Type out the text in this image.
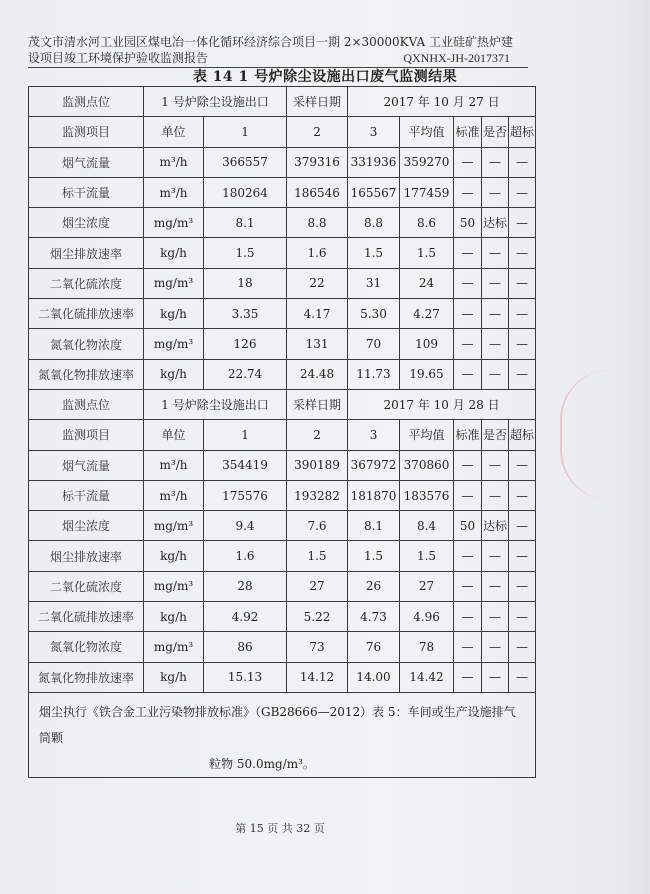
茂文市清水河工业园区煤电冶一体化循环经济综合项目一期 2×30000KVA 工业硅矿热炉建
设项目竣工环境保护验收监测报告	QXNHX-JH-2017371
表 14 1 号炉除尘设施出口废气监测结果
监测点位	1 号炉除尘设施出口		采样日期	2017 年 10 月 27 日				
监测项目	单位	1	2	3	平均值	标准	是否	超标
烟气流量	m³/h	366557	379316	331936	359270	—	—	—
标干流量	m³/h	180264	186546	165567	177459	—	—	—
烟尘浓度	mg/m³	8.1	8.8	8.8	8.6	50	达标	—
烟尘排放速率	kg/h	1.5	1.6	1.5	1.5	—	—	—
二氧化硫浓度	mg/m³	18	22	31	24	—	—	—
二氧化硫排放速率	kg/h	3.35	4.17	5.30	4.27	—	—	—
氮氧化物浓度	mg/m³	126	131	70	109	—	—	—
氮氧化物排放速率	kg/h	22.74	24.48	11.73	19.65	—	—	—
监测点位	1 号炉除尘设施出口		采样日期	2017 年 10 月 28 日				
监测项目	单位	1	2	3	平均值	标准	是否	超标
烟气流量	m³/h	354419	390189	367972	370860	—	—	—
标干流量	m³/h	175576	193282	181870	183576	—	—	—
烟尘浓度	mg/m³	9.4	7.6	8.1	8.4	50	达标	—
烟尘排放速率	kg/h	1.6	1.5	1.5	1.5	—	—	—
二氧化硫浓度	mg/m³	28	27	26	27	—	—	—
二氧化硫排放速率	kg/h	4.92	5.22	4.73	4.96	—	—	—
氮氧化物浓度	mg/m³	86	73	76	78	—	—	—
氮氧化物排放速率	kg/h	15.13	14.12	14.00	14.42	—	—	—
烟尘执行《铁合金工业污染物排放标准》（GB28666—2012）表 5：车间或生产设施排气筒颗
粒物 50.0mg/m³。								
第 15 页 共 32 页
